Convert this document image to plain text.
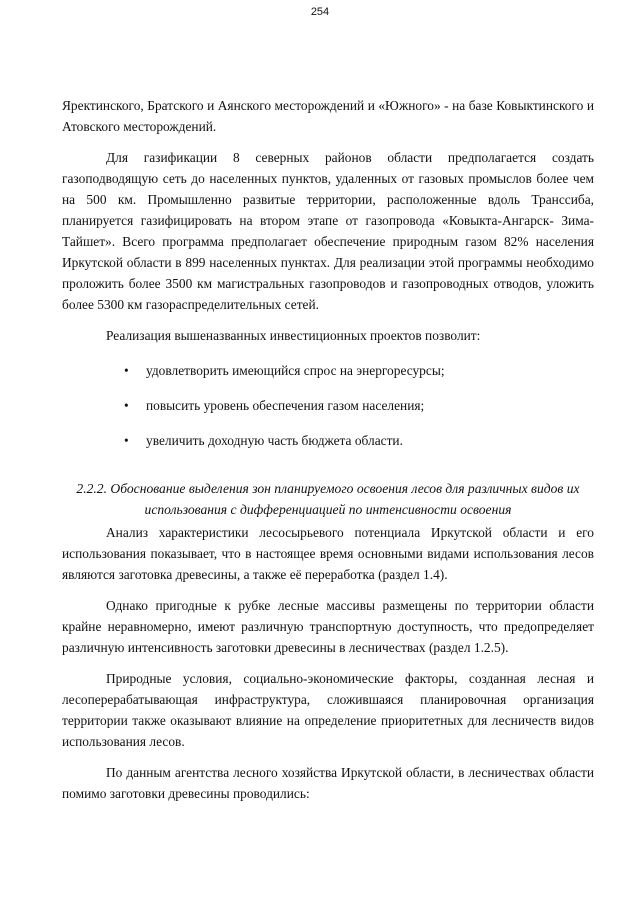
254

Яректинского, Братского и Аянского месторождений и «Южного» - на базе Ковыктинского и Атовского месторождений.

Для газификации 8 северных районов области предполагается создать газоподводящую сеть до населенных пунктов, удаленных от газовых промыслов более чем на 500 км. Промышленно развитые территории, расположенные вдоль Транссиба, планируется газифицировать на втором этапе от газопровода «Ковыкта-Ангарск- Зима- Тайшет». Всего программа предполагает обеспечение природным газом 82% населения Иркутской области в 899 населенных пунктах. Для реализации этой программы необходимо проложить более 3500 км магистральных газопроводов и газопроводных отводов, уложить более 5300 км газораспределительных сетей.

Реализация вышеназванных инвестиционных проектов позволит:

• удовлетворить имеющийся спрос на энергоресурсы;
• повысить уровень обеспечения газом населения;
• увеличить доходную часть бюджета области.
2.2.2. Обоснование выделения зон планируемого освоения лесов для различных видов их использования с дифференциацией по интенсивности освоения

Анализ характеристики лесосырьевого потенциала Иркутской области и его использования показывает, что в настоящее время основными видами использования лесов являются заготовка древесины, а также её переработка (раздел 1.4).

Однако пригодные к рубке лесные массивы размещены по территории области крайне неравномерно, имеют различную транспортную доступность, что предопределяет различную интенсивность заготовки древесины в лесничествах (раздел 1.2.5).

Природные условия, социально-экономические факторы, созданная лесная и лесоперерабатывающая инфраструктура, сложившаяся планировочная организация территории также оказывают влияние на определение приоритетных для лесничеств видов использования лесов.

По данным агентства лесного хозяйства Иркутской области, в лесничествах области помимо заготовки древесины проводились:
